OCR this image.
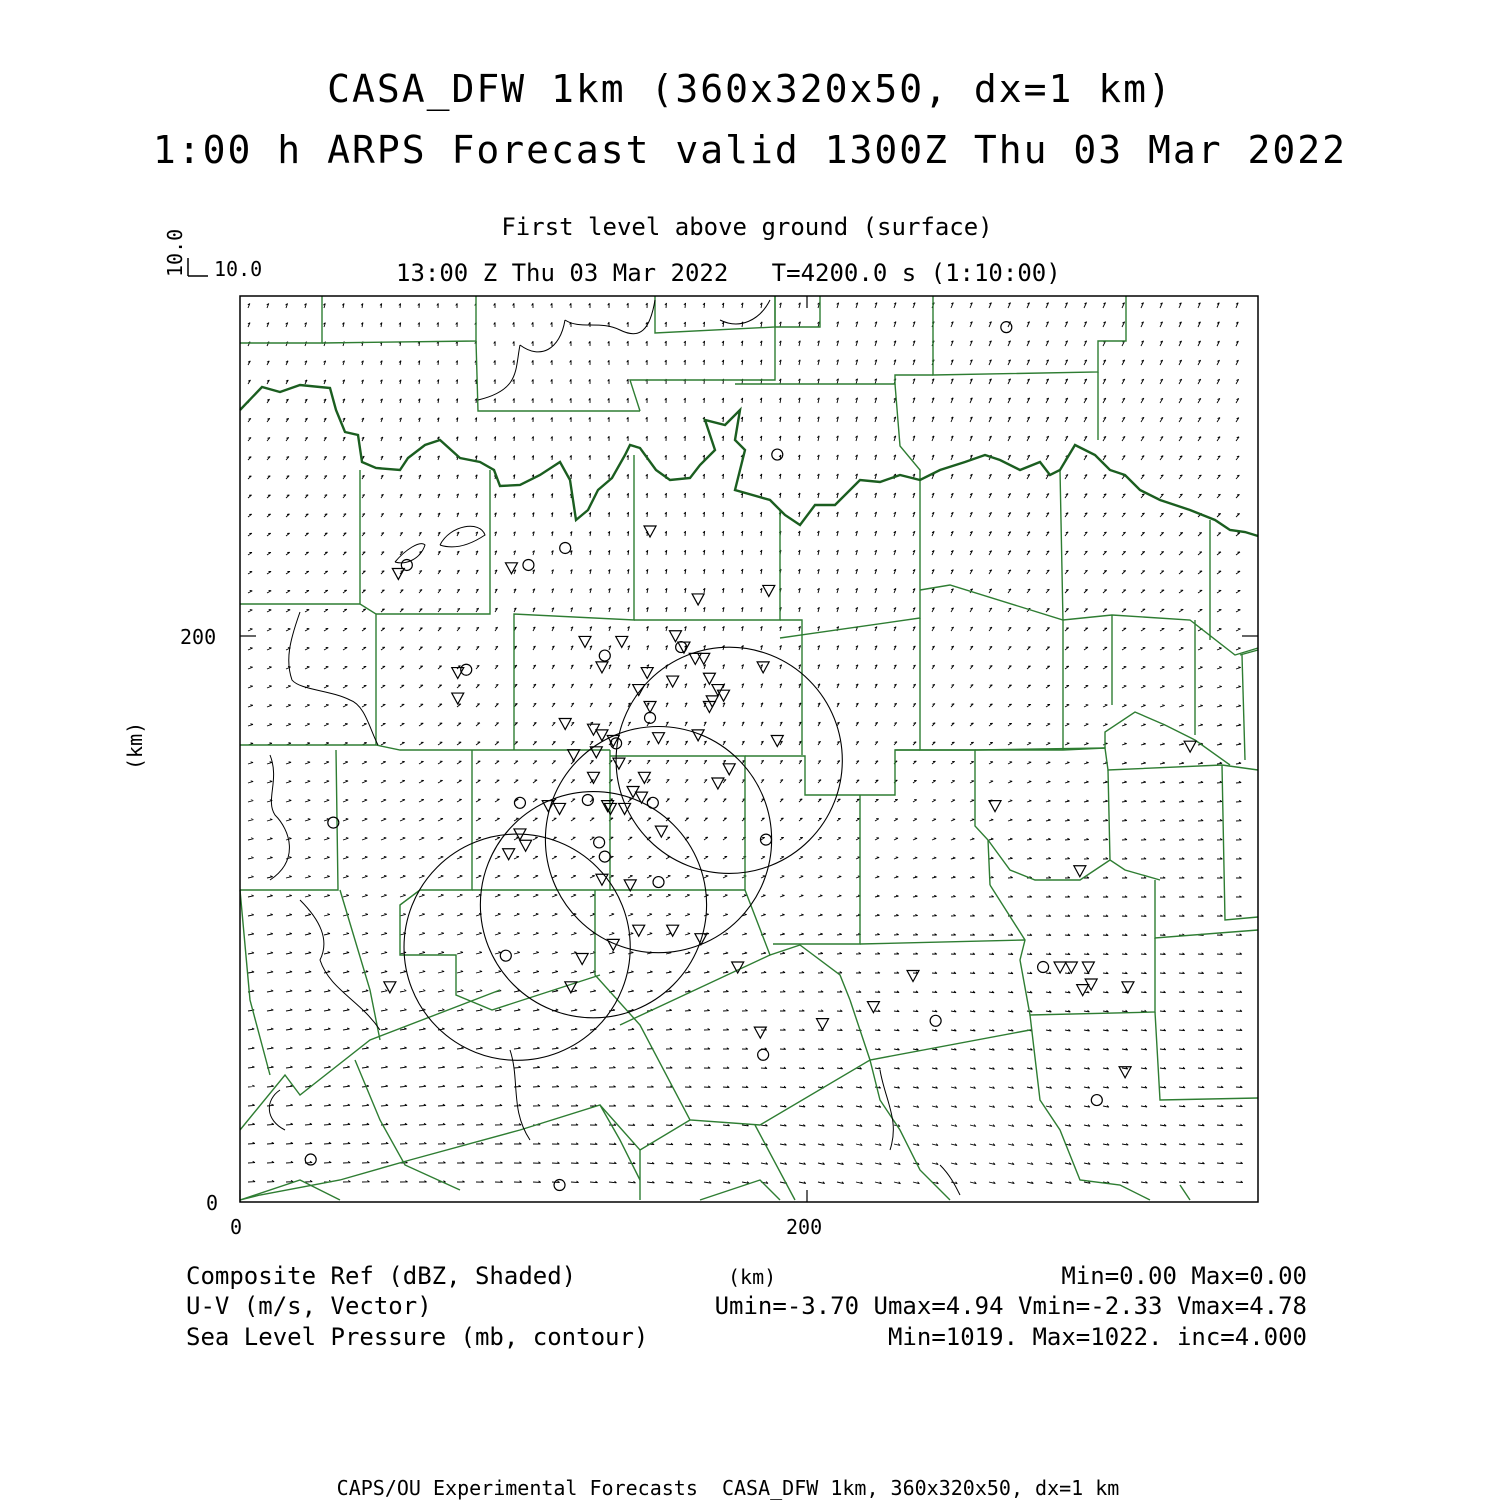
CASA_DFW 1km (360x320x50, dx=1 km)
1:00 h ARPS Forecast valid 1300Z Thu 03 Mar 2022
First level above ground (surface)
13:00 Z Thu 03 Mar 2022   T=4200.0 s (1:10:00)
10.0
10.0
0	200
0
200
(km)
(km)
Composite Ref (dBZ, Shaded)	Min=0.00 Max=0.00
U-V (m/s, Vector)	Umin=-3.70 Umax=4.94 Vmin=-2.33 Vmax=4.78
Sea Level Pressure (mb, contour)	Min=1019. Max=1022. inc=4.000
CAPS/OU Experimental Forecasts  CASA_DFW 1km, 360x320x50, dx=1 km
